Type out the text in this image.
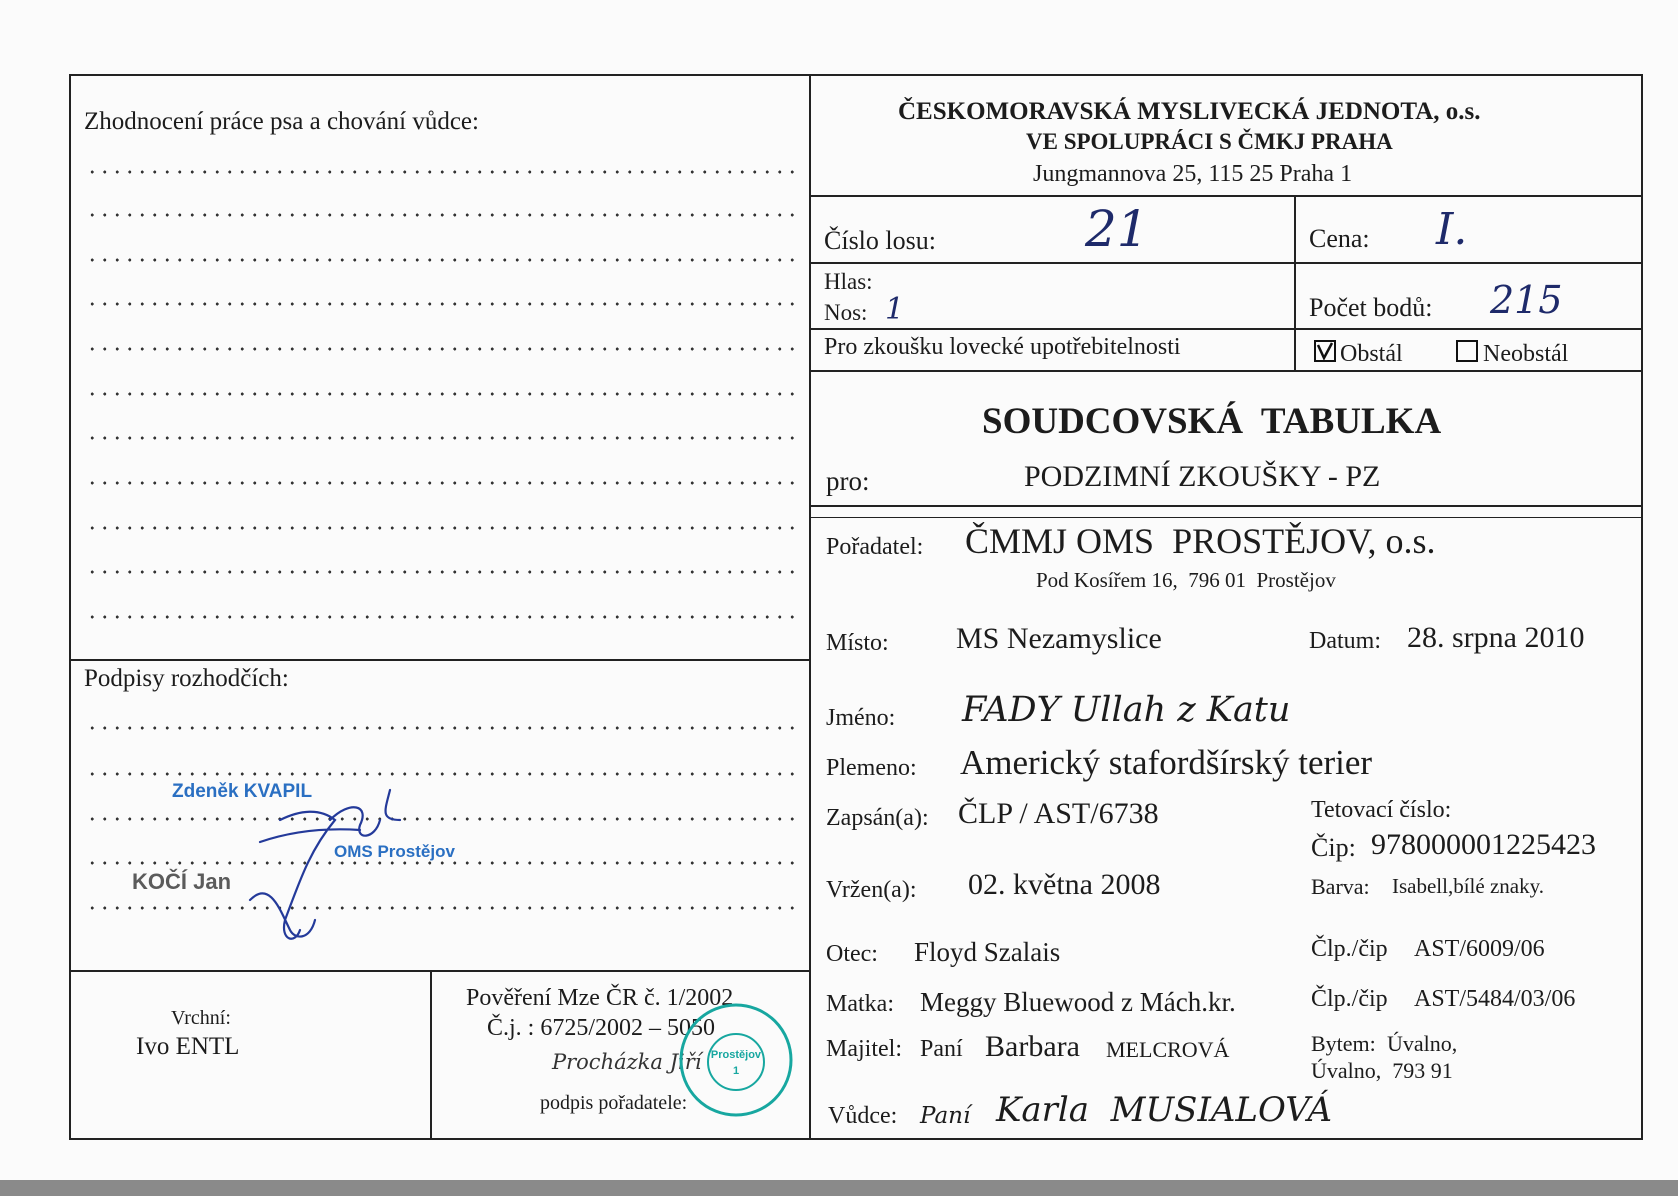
Zhodnocení práce psa a chování vůdce:
Podpisy rozhodčích:
Zdeněk KVAPIL
OMS Prostějov
KOČÍ Jan
Vrchní:
Ivo ENTL
Pověření Mze ČR č. 1/2002
Č.j. : 6725/2002 – 5050
Procházka Jiří
podpis pořadatele:
Prostějov
1
ČESKOMORAVSKÁ MYSLIVECKÁ JEDNOTA, o.s.
VE SPOLUPRÁCI S ČMKJ PRAHA
Jungmannova 25, 115 25 Praha 1
Číslo losu:	21	Cena: I.
Hlas:
Nos: 1	Počet bodů: 215
Pro zkoušku lovecké upotřebitelnosti	Obstál	Neobstál
SOUDCOVSKÁ  TABULKA
pro:	PODZIMNÍ ZKOUŠKY - PZ
Pořadatel: ČMMJ OMS  PROSTĚJOV, o.s.
Pod Kosířem 16,  796 01  Prostějov
Místo: MS Nezamyslice	Datum: 28. srpna 2010
Jméno: FADY Ullah z Katu
Plemeno: Americký stafordšírský terier
Zapsán(a): ČLP / AST/6738	Tetovací číslo:
Čip: 978000001225423
Vržen(a): 02. května 2008	Barva: Isabell,bílé znaky.
Otec: Floyd Szalais	Člp./čip AST/6009/06
Matka: Meggy Bluewood z Mách.kr.	Člp./čip AST/5484/03/06
Majitel: Paní Barbara MELCROVÁ	Bytem: Úvalno,
Úvalno,  793 91
Vůdce: Paní Karla  MUSIALOVÁ
